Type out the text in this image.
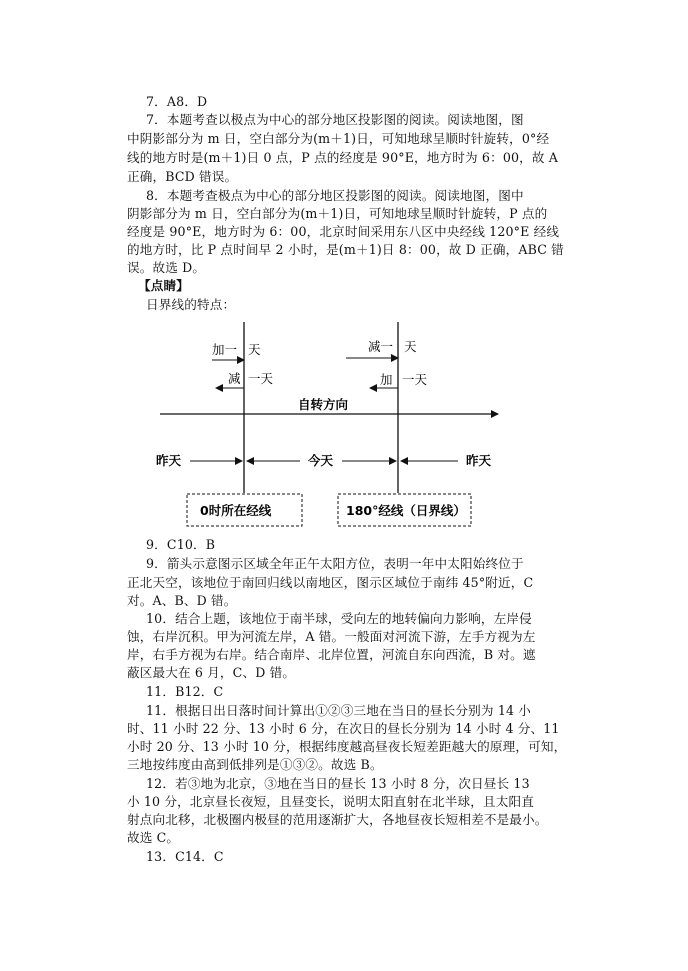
7．A8．D
7．本题考查以极点为中心的部分地区投影图的阅读。阅读地图，图
中阴影部分为 m 日，空白部分为(m＋1)日，可知地球呈顺时针旋转，0°经
线的地方时是(m＋1)日 0 点，P 点的经度是 90°E，地方时为 6：00，故 A
正确，BCD 错误。
8．本题考查极点为中心的部分地区投影图的阅读。阅读地图，图中
阴影部分为 m 日，空白部分为(m＋1)日，可知地球呈顺时针旋转，P 点的
经度是 90°E，地方时为 6：00，北京时间采用东八区中央经线 120°E 经线
的地方时，比 P 点时间早 2 小时，是(m＋1)日 8：00，故 D 正确，ABC 错
误。故选 D。
【点睛】
日界线的特点：
加一 天
减 一天
减一 天
加 一天
自转方向
昨天	今天	昨天
0时所在经线	180°经线（日界线）
9．C10．B
9．箭头示意图示区域全年正午太阳方位，表明一年中太阳始终位于
正北天空，该地位于南回归线以南地区，图示区域位于南纬 45°附近，C
对。A、B、D 错。
10．结合上题，该地位于南半球，受向左的地转偏向力影响，左岸侵
蚀，右岸沉积。甲为河流左岸，A 错。一般面对河流下游，左手方视为左
岸，右手方视为右岸。结合南岸、北岸位置，河流自东向西流，B 对。遮
蔽区最大在 6 月，C、D 错。
11．B12．C
11．根据日出日落时间计算出①②③三地在当日的昼长分别为 14 小
时、11 小时 22 分、13 小时 6 分，在次日的昼长分别为 14 小时 4 分、11
小时 20 分、13 小时 10 分，根据纬度越高昼夜长短差距越大的原理，可知，
三地按纬度由高到低排列是①③②。故选 B。
12．若③地为北京，③地在当日的昼长 13 小时 8 分，次日昼长 13
小 10 分，北京昼长夜短，且昼变长，说明太阳直射在北半球，且太阳直
射点向北移，北极圈内极昼的范用逐渐扩大，各地昼夜长短相差不是最小。
故选 C。
13．C14．C
